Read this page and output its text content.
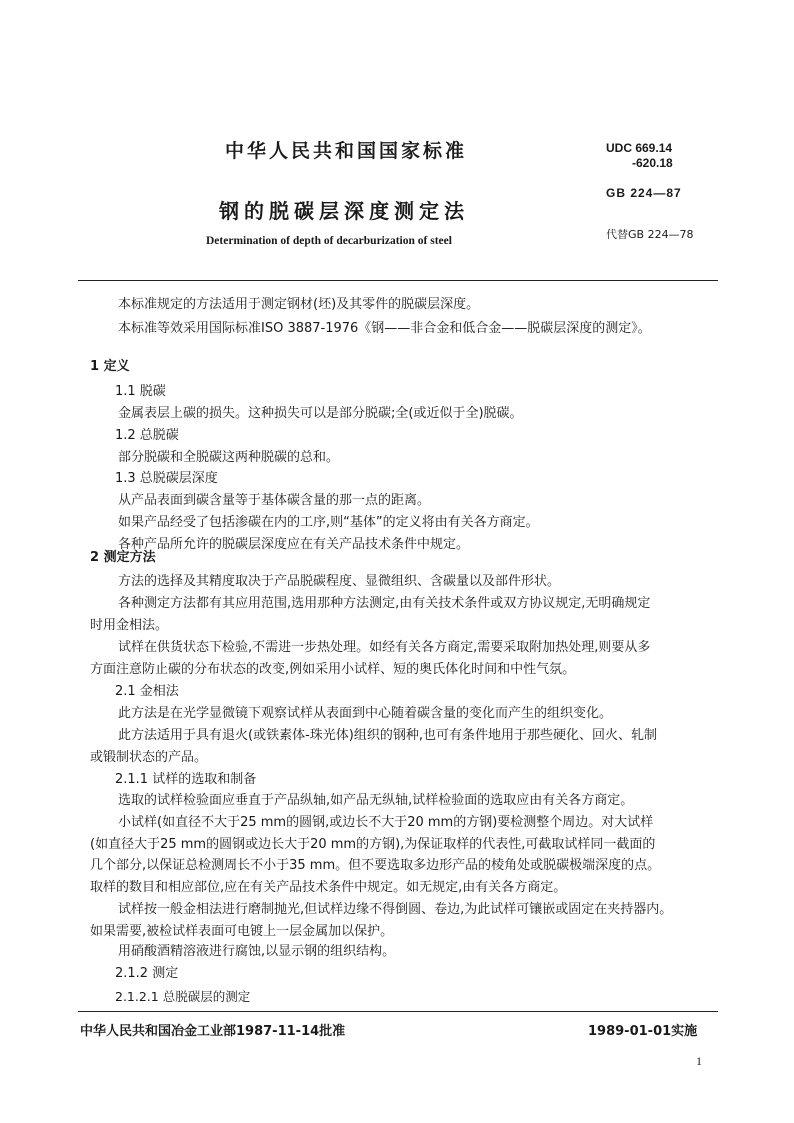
中华人民共和国国家标准	UDC 669.14
-620.18
钢的脱碳层深度测定法
GB 224—87
Determination of depth of decarburization of steel	代替GB 224—78
本标准规定的方法适用于测定钢材(坯)及其零件的脱碳层深度。
本标准等效采用国际标准ISO 3887-1976《钢——非合金和低合金——脱碳层深度的测定》。
1 定义
1.1 脱碳
金属表层上碳的损失。这种损失可以是部分脱碳;全(或近似于全)脱碳。
1.2 总脱碳
部分脱碳和全脱碳这两种脱碳的总和。
1.3 总脱碳层深度
从产品表面到碳含量等于基体碳含量的那一点的距离。
如果产品经受了包括渗碳在内的工序,则“基体”的定义将由有关各方商定。
各种产品所允许的脱碳层深度应在有关产品技术条件中规定。
2 测定方法
方法的选择及其精度取决于产品脱碳程度、显微组织、含碳量以及部件形状。
各种测定方法都有其应用范围,选用那种方法测定,由有关技术条件或双方协议规定,无明确规定
时用金相法。
试样在供货状态下检验,不需进一步热处理。如经有关各方商定,需要采取附加热处理,则要从多
方面注意防止碳的分布状态的改变,例如采用小试样、短的奥氏体化时间和中性气氛。
2.1 金相法
此方法是在光学显微镜下观察试样从表面到中心随着碳含量的变化而产生的组织变化。
此方法适用于具有退火(或铁素体-珠光体)组织的钢种,也可有条件地用于那些硬化、回火、轧制
或锻制状态的产品。
2.1.1 试样的选取和制备
选取的试样检验面应垂直于产品纵轴,如产品无纵轴,试样检验面的选取应由有关各方商定。
小试样(如直径不大于25 mm的圆钢,或边长不大于20 mm的方钢)要检测整个周边。对大试样
(如直径大于25 mm的圆钢或边长大于20 mm的方钢),为保证取样的代表性,可截取试样同一截面的
几个部分,以保证总检测周长不小于35 mm。但不要选取多边形产品的棱角处或脱碳极端深度的点。
取样的数目和相应部位,应在有关产品技术条件中规定。如无规定,由有关各方商定。
试样按一般金相法进行磨制抛光,但试样边缘不得倒圆、卷边,为此试样可镶嵌或固定在夹持器内。
如果需要,被检试样表面可电镀上一层金属加以保护。
用硝酸酒精溶液进行腐蚀,以显示钢的组织结构。
2.1.2 测定
中华人民共和国冶金工业部1987-11-14批准	1989-01-01实施
1
2.1.2.1 总脱碳层的测定
